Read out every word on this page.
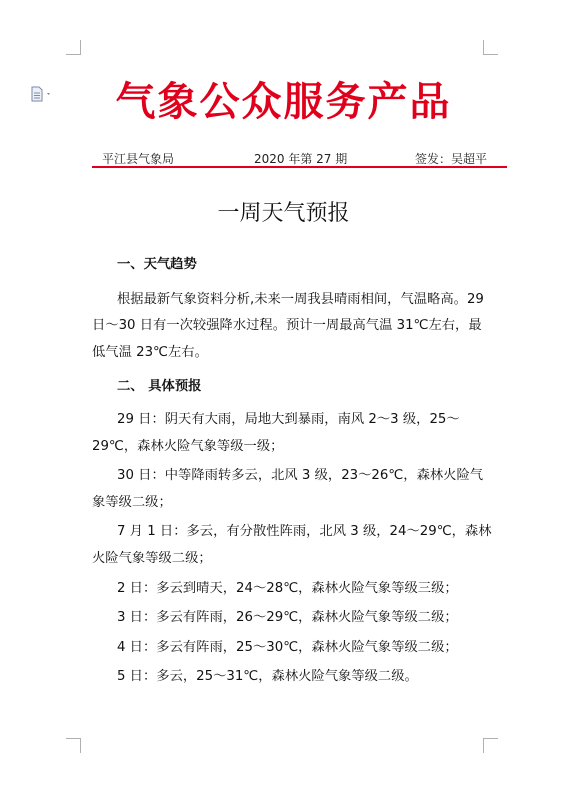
气象公众服务产品
平江县气象局	2020 年第 27 期	签发：吴超平
一周天气预报

一、天气趋势

根据最新气象资料分析,未来一周我县晴雨相间，气温略高。29 日～30 日有一次较强降水过程。预计一周最高气温 31℃左右，最低气温 23℃左右。

二、 具体预报

29 日：阴天有大雨，局地大到暴雨，南风 2～3 级，25～29℃，森林火险气象等级一级；

30 日：中等降雨转多云，北风 3 级，23～26℃，森林火险气象等级二级；

7 月 1 日：多云，有分散性阵雨，北风 3 级，24～29℃，森林火险气象等级二级；

2 日：多云到晴天，24～28℃，森林火险气象等级三级；

3 日：多云有阵雨，26～29℃，森林火险气象等级二级；

4 日：多云有阵雨，25～30℃，森林火险气象等级二级；

5 日：多云，25～31℃，森林火险气象等级二级。
